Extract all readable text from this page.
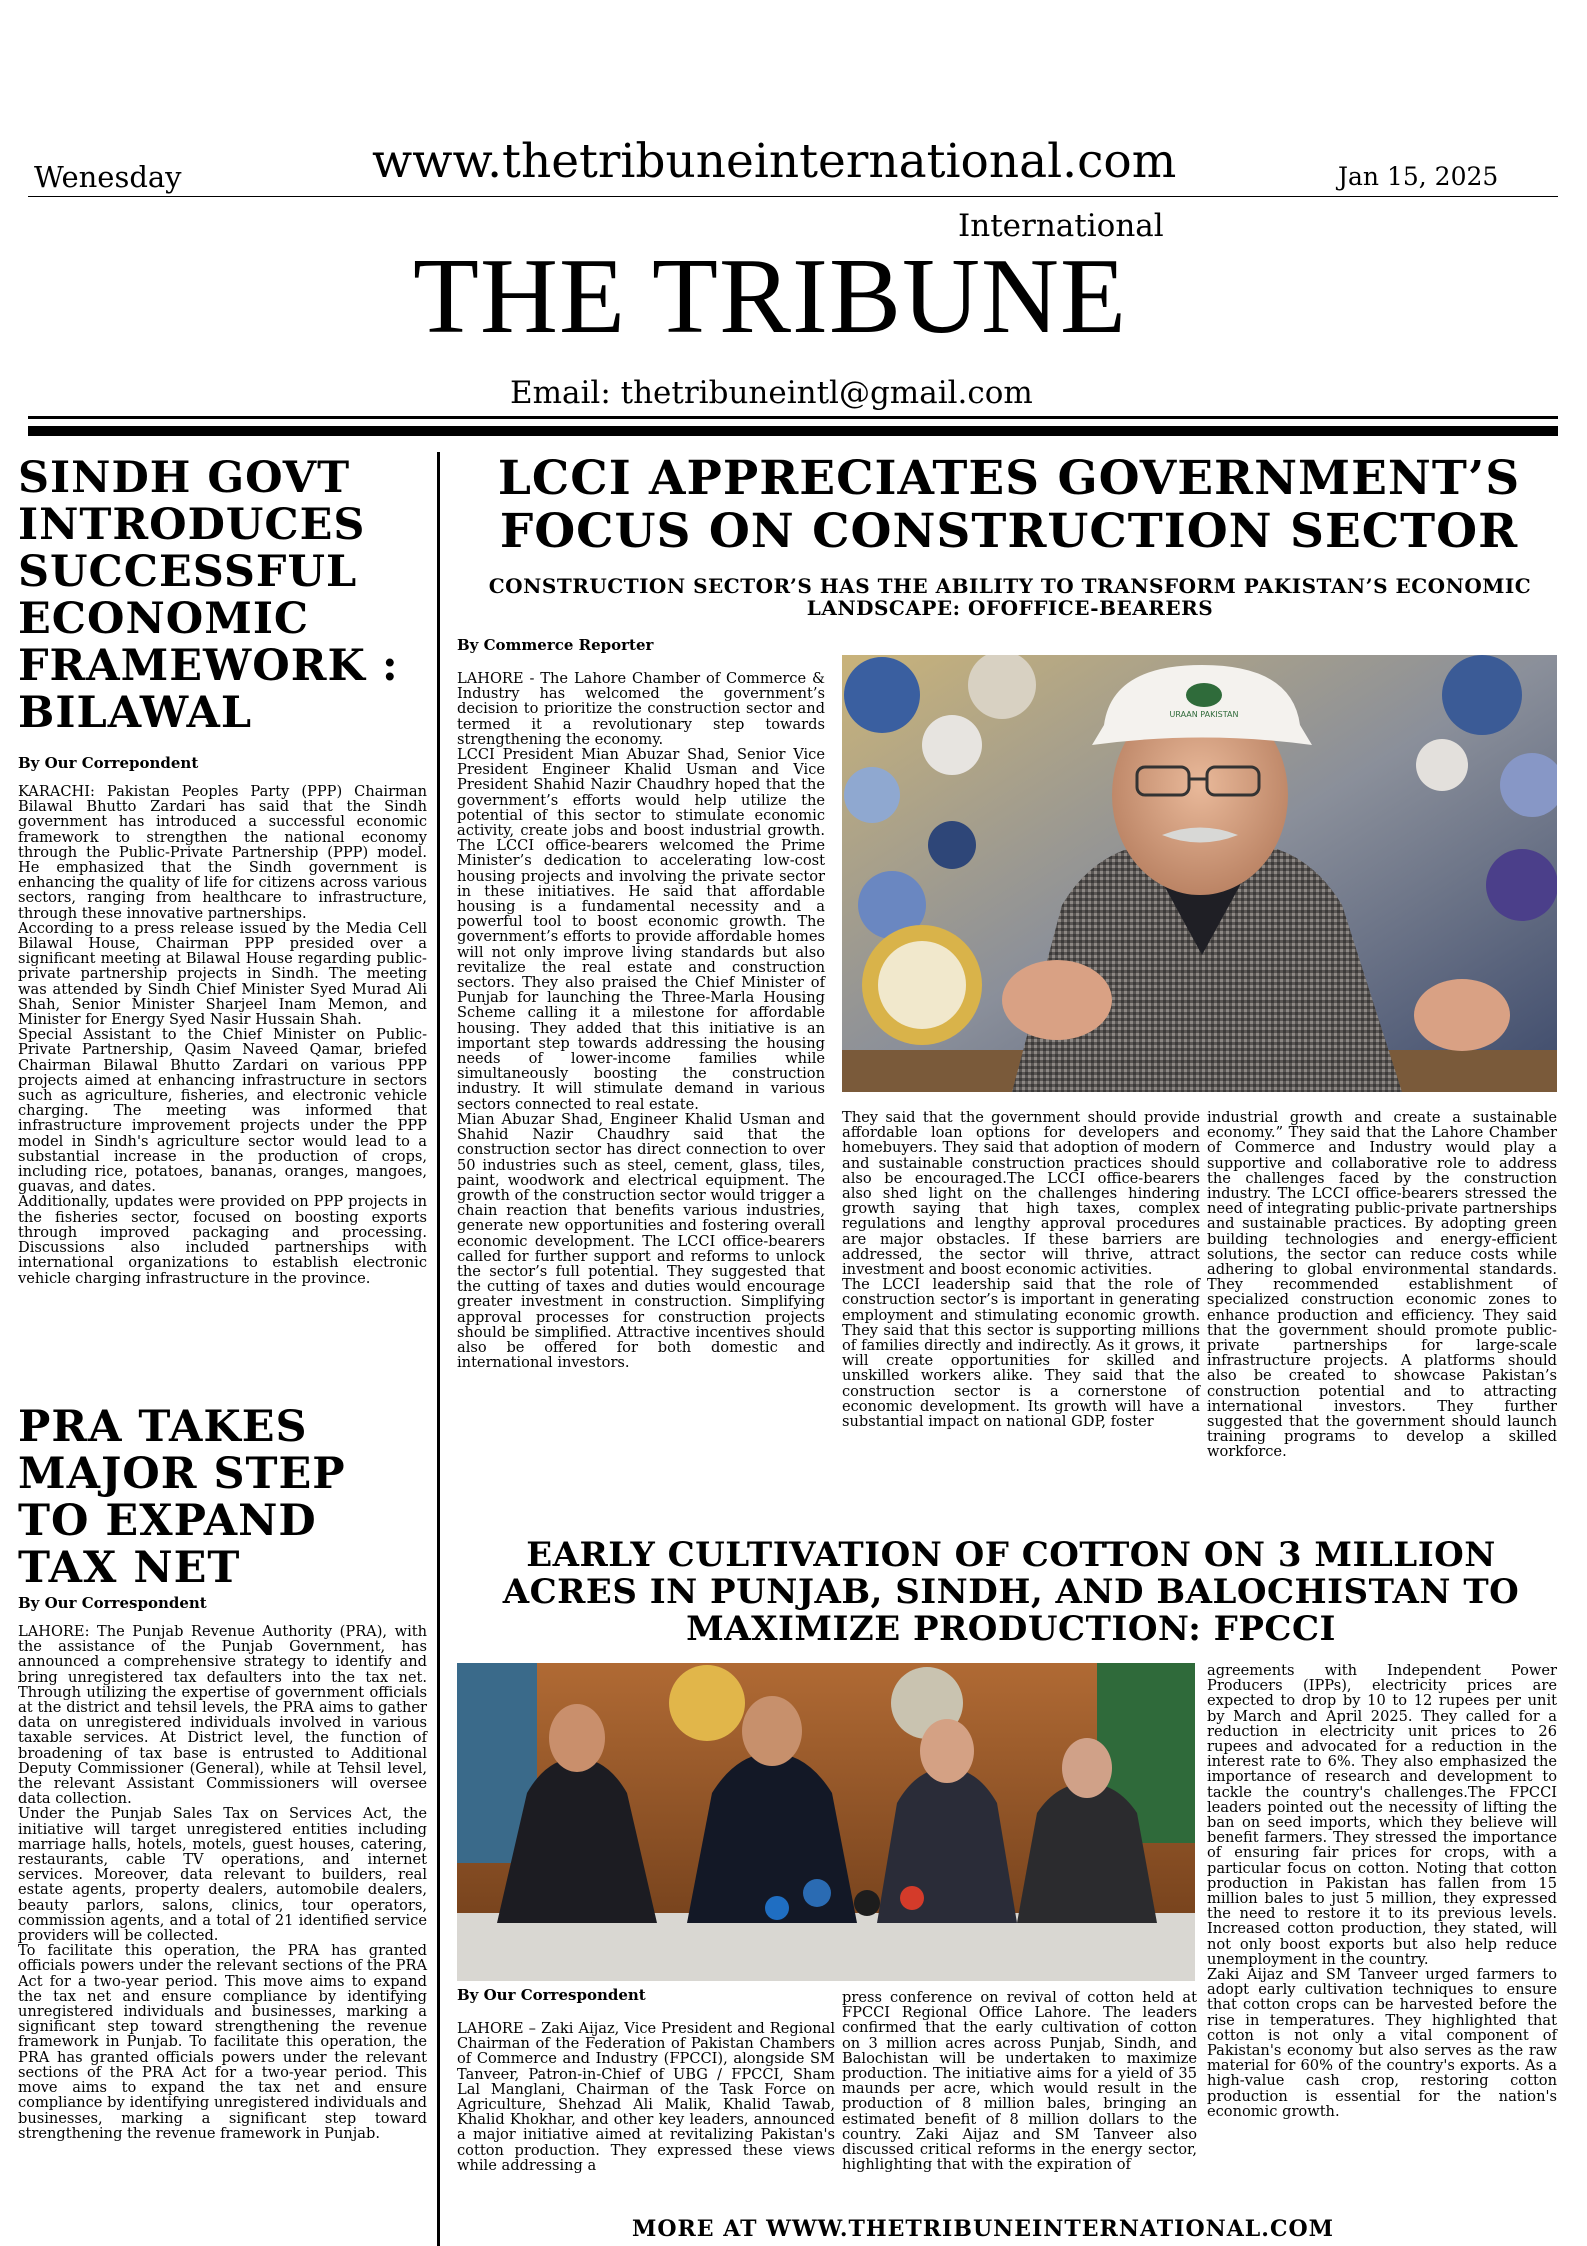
Wenesday	www.thetribuneinternational.com	Jan 15, 2025
International
THE TRIBUNE
Email: thetribuneintl@gmail.com
SINDH GOVT INTRODUCES SUCCESSFUL ECONOMIC FRAMEWORK : BILAWAL
By Our Correpondent

KARACHI: Pakistan Peoples Party (PPP) Chairman Bilawal Bhutto Zardari has said that the Sindh government has introduced a successful economic framework to strengthen the national economy through the Public-Private Partnership (PPP) model. He emphasized that the Sindh government is enhancing the quality of life for citizens across various sectors, ranging from healthcare to infrastructure, through these innovative partnerships.

According to a press release issued by the Media Cell Bilawal House, Chairman PPP presided over a significant meeting at Bilawal House regarding public-private partnership projects in Sindh. The meeting was attended by Sindh Chief Minister Syed Murad Ali Shah, Senior Minister Sharjeel Inam Memon, and Minister for Energy Syed Nasir Hussain Shah.

Special Assistant to the Chief Minister on Public-Private Partnership, Qasim Naveed Qamar, briefed Chairman Bilawal Bhutto Zardari on various PPP projects aimed at enhancing infrastructure in sectors such as agriculture, fisheries, and electronic vehicle charging. The meeting was informed that infrastructure improvement projects under the PPP model in Sindh's agriculture sector would lead to a substantial increase in the production of crops, including rice, potatoes, bananas, oranges, mangoes, guavas, and dates.

Additionally, updates were provided on PPP projects in the fisheries sector, focused on boosting exports through improved packaging and processing. Discussions also included partnerships with international organizations to establish electronic vehicle charging infrastructure in the province.

PRA TAKES MAJOR STEP TO EXPAND TAX NET
By Our Correspondent

LAHORE: The Punjab Revenue Authority (PRA), with the assistance of the Punjab Government, has announced a comprehensive strategy to identify and bring unregistered tax defaulters into the tax net. Through utilizing the expertise of government officials at the district and tehsil levels, the PRA aims to gather data on unregistered individuals involved in various taxable services. At District level, the function of broadening of tax base is entrusted to Additional Deputy Commissioner (General), while at Tehsil level, the relevant Assistant Commissioners will oversee data collection.

Under the Punjab Sales Tax on Services Act, the initiative will target unregistered entities including marriage halls, hotels, motels, guest houses, catering, restaurants, cable TV operations, and internet services. Moreover, data relevant to builders, real estate agents, property dealers, automobile dealers, beauty parlors, salons, clinics, tour operators, commission agents, and a total of 21 identified service providers will be collected.

To facilitate this operation, the PRA has granted officials powers under the relevant sections of the PRA Act for a two-year period. This move aims to expand the tax net and ensure compliance by identifying unregistered individuals and businesses, marking a significant step toward strengthening the revenue framework in Punjab. To facilitate this operation, the PRA has granted officials powers under the relevant sections of the PRA Act for a two-year period. This move aims to expand the tax net and ensure compliance by identifying unregistered individuals and businesses, marking a significant step toward strengthening the revenue framework in Punjab.

LCCI APPRECIATES GOVERNMENT’S FOCUS ON CONSTRUCTION SECTOR
CONSTRUCTION SECTOR’S HAS THE ABILITY TO TRANSFORM PAKISTAN’S ECONOMIC LANDSCAPE: OFOFFICE-BEARERS
By Commerce Reporter

LAHORE - The Lahore Chamber of Commerce & Industry has welcomed the government’s decision to prioritize the construction sector and termed it a revolutionary step towards strengthening the economy.

LCCI President Mian Abuzar Shad, Senior Vice President Engineer Khalid Usman and Vice President Shahid Nazir Chaudhry hoped that the government’s efforts would help utilize the potential of this sector to stimulate economic activity, create jobs and boost industrial growth. The LCCI office-bearers welcomed the Prime Minister’s dedication to accelerating low-cost housing projects and involving the private sector in these initiatives. He said that affordable housing is a fundamental necessity and a powerful tool to boost economic growth. The government’s efforts to provide affordable homes will not only improve living standards but also revitalize the real estate and construction sectors. They also praised the Chief Minister of Punjab for launching the Three-Marla Housing Scheme calling it a milestone for affordable housing. They added that this initiative is an important step towards addressing the housing needs of lower-income families while simultaneously boosting the construction industry. It will stimulate demand in various sectors connected to real estate.

Mian Abuzar Shad, Engineer Khalid Usman and Shahid Nazir Chaudhry said that the construction sector has direct connection to over 50 industries such as steel, cement, glass, tiles, paint, woodwork and electrical equipment. The growth of the construction sector would trigger a chain reaction that benefits various industries, generate new opportunities and fostering overall economic development. The LCCI office-bearers called for further support and reforms to unlock the sector’s full potential. They suggested that the cutting of taxes and duties would encourage greater investment in construction. Simplifying approval processes for construction projects should be simplified. Attractive incentives should also be offered for both domestic and international investors.

URAAN PAKISTAN

They said that the government should provide affordable loan options for developers and homebuyers. They said that adoption of modern and sustainable construction practices should also be encouraged.The LCCI office-bearers also shed light on the challenges hindering growth saying that high taxes, complex regulations and lengthy approval procedures are major obstacles. If these barriers are addressed, the sector will thrive, attract investment and boost economic activities.

The LCCI leadership said that the role of construction sector’s is important in generating employment and stimulating economic growth. They said that this sector is supporting millions of families directly and indirectly. As it grows, it will create opportunities for skilled and unskilled workers alike. They said that the construction sector is a cornerstone of economic development. Its growth will have a substantial impact on national GDP, foster

industrial growth and create a sustainable economy.” They said that the Lahore Chamber of Commerce and Industry would play a supportive and collaborative role to address the challenges faced by the construction industry. The LCCI office-bearers stressed the need of integrating public-private partnerships and sustainable practices. By adopting green building technologies and energy-efficient solutions, the sector can reduce costs while adhering to global environmental standards. They recommended establishment of specialized construction economic zones to enhance production and efficiency. They said that the government should promote public-private partnerships for large-scale infrastructure projects. A platforms should also be created to showcase Pakistan’s construction potential and to attracting international investors. They further suggested that the government should launch training programs to develop a skilled workforce.

EARLY CULTIVATION OF COTTON ON 3 MILLION ACRES IN PUNJAB, SINDH, AND BALOCHISTAN TO MAXIMIZE PRODUCTION: FPCCI
By Our Correspondent

LAHORE – Zaki Aijaz, Vice President and Regional Chairman of the Federation of Pakistan Chambers of Commerce and Industry (FPCCI), alongside SM Tanveer, Patron-in-Chief of UBG / FPCCI, Sham Lal Manglani, Chairman of the Task Force on Agriculture, Shehzad Ali Malik, Khalid Tawab, Khalid Khokhar, and other key leaders, announced a major initiative aimed at revitalizing Pakistan's cotton production. They expressed these views while addressing a

press conference on revival of cotton held at FPCCI Regional Office Lahore. The leaders confirmed that the early cultivation of cotton on 3 million acres across Punjab, Sindh, and Balochistan will be undertaken to maximize production. The initiative aims for a yield of 35 maunds per acre, which would result in the production of 8 million bales, bringing an estimated benefit of 8 million dollars to the country. Zaki Aijaz and SM Tanveer also discussed critical reforms in the energy sector, highlighting that with the expiration of

agreements with Independent Power Producers (IPPs), electricity prices are expected to drop by 10 to 12 rupees per unit by March and April 2025. They called for a reduction in electricity unit prices to 26 rupees and advocated for a reduction in the interest rate to 6%. They also emphasized the importance of research and development to tackle the country's challenges.The FPCCI leaders pointed out the necessity of lifting the ban on seed imports, which they believe will benefit farmers. They stressed the importance of ensuring fair prices for crops, with a particular focus on cotton. Noting that cotton production in Pakistan has fallen from 15 million bales to just 5 million, they expressed the need to restore it to its previous levels. Increased cotton production, they stated, will not only boost exports but also help reduce unemployment in the country.

Zaki Aijaz and SM Tanveer urged farmers to adopt early cultivation techniques to ensure that cotton crops can be harvested before the rise in temperatures. They highlighted that cotton is not only a vital component of Pakistan's economy but also serves as the raw material for 60% of the country's exports. As a high-value cash crop, restoring cotton production is essential for the nation's economic growth.

MORE AT WWW.THETRIBUNEINTERNATIONAL.COM
